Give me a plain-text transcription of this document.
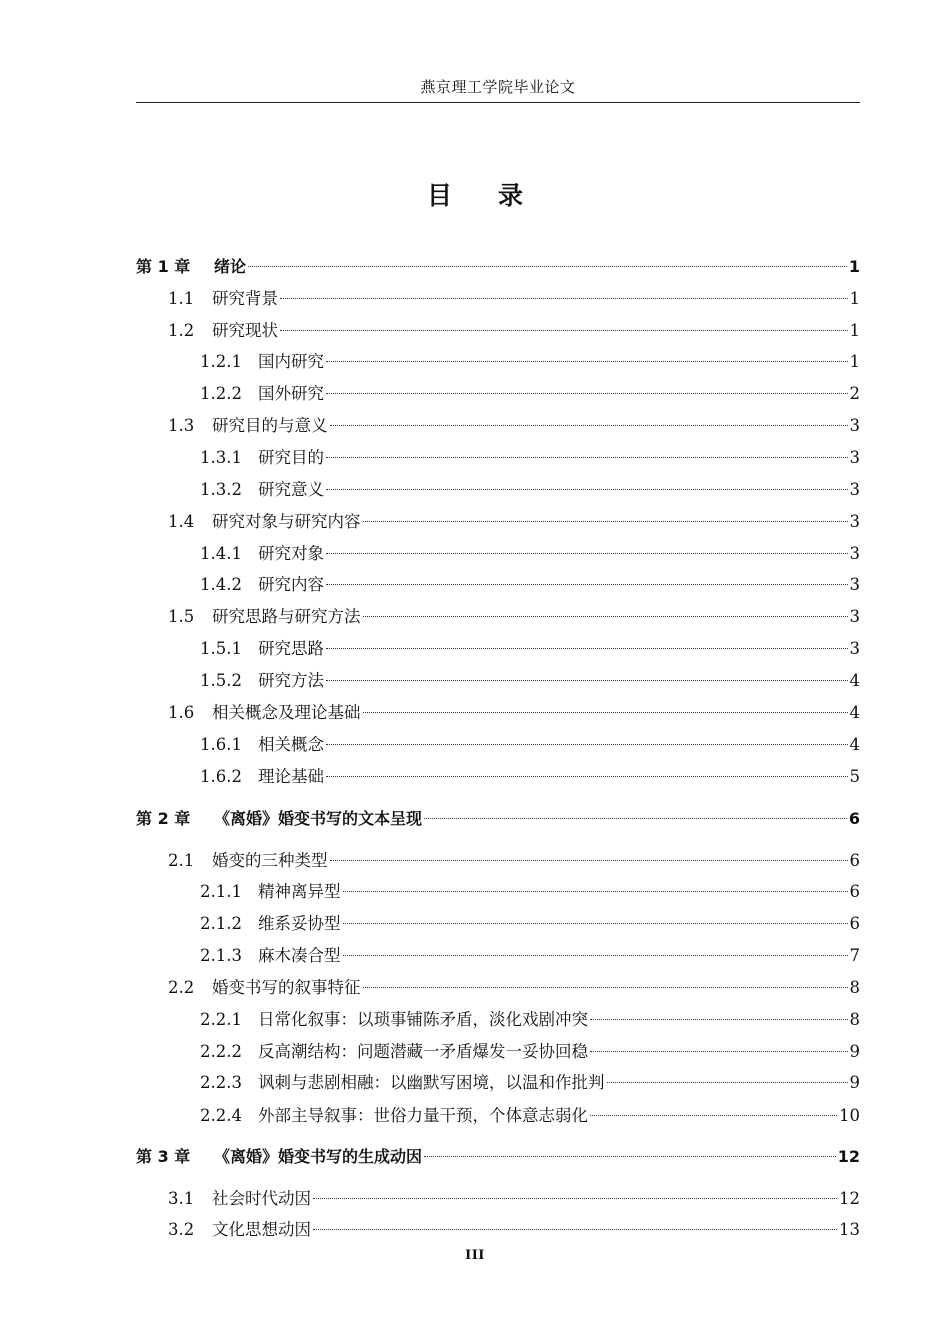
燕京理工学院毕业论文
目 录
第 1 章	绪论	1
1.1	研究背景	1
1.2	研究现状	1
1.2.1 国内研究	1
1.2.2 国外研究	2
1.3	研究目的与意义	3
1.3.1 研究目的	3
1.3.2 研究意义	3
1.4	研究对象与研究内容	3
1.4.1 研究对象	3
1.4.2 研究内容	3
1.5	研究思路与研究方法	3
1.5.1 研究思路	3
1.5.2 研究方法	4
1.6	相关概念及理论基础	4
1.6.1 相关概念	4
1.6.2 理论基础	5
第 2 章	《离婚》婚变书写的文本呈现	6
2.1	婚变的三种类型	6
2.1.1 精神离异型	6
2.1.2 维系妥协型	6
2.1.3 麻木凑合型	7
2.2	婚变书写的叙事特征	8
2.2.1 日常化叙事：以琐事铺陈矛盾，淡化戏剧冲突	8
2.2.2 反高潮结构：问题潜藏一矛盾爆发一妥协回稳	9
2.2.3 讽刺与悲剧相融：以幽默写困境，以温和作批判	9
2.2.4 外部主导叙事：世俗力量干预，个体意志弱化	10
第 3 章	《离婚》婚变书写的生成动因	12
3.1	社会时代动因	12
3.2	文化思想动因	13
III
